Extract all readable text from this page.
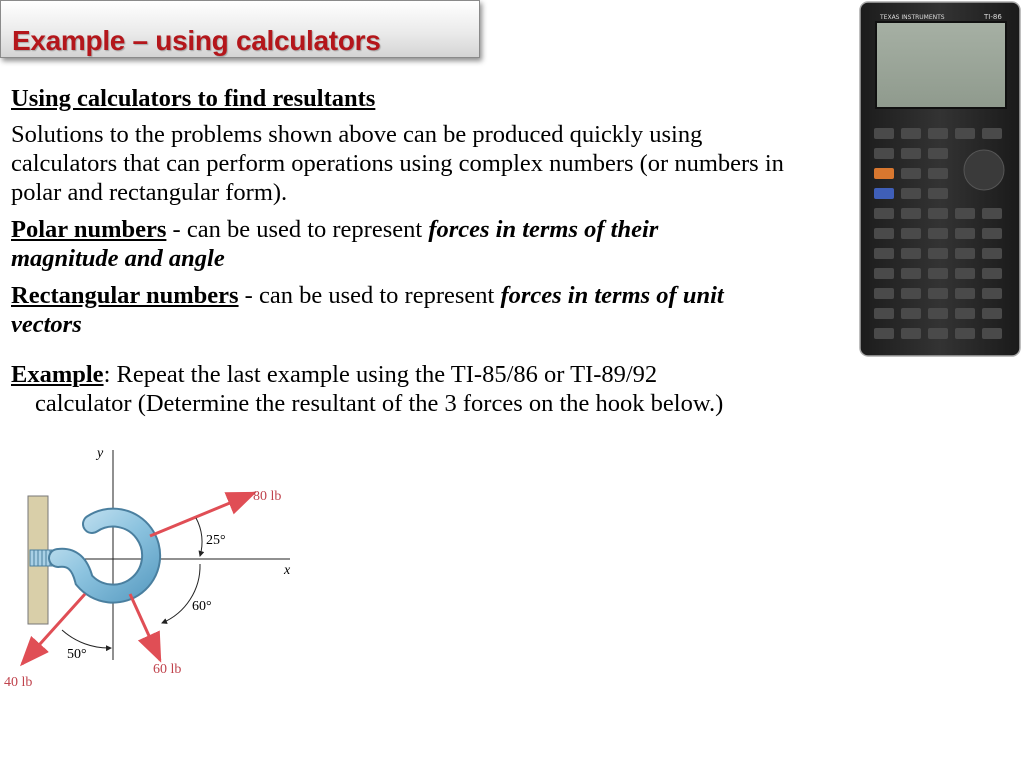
Example – using calculators

Using calculators to find resultants

Solutions to the problems shown above can be produced quickly using calculators that can perform operations using complex numbers (or numbers in polar and rectangular form).

Polar numbers - can be used to represent forces in terms of their magnitude and angle

Rectangular numbers - can be used to represent forces in terms of unit vectors

Example: Repeat the last example using the TI-85/86 or TI-89/92
calculator (Determine the resultant of the 3 forces on the hook below.)

TEXAS INSTRUMENTS	TI-86
y
x
80 lb
60 lb
40 lb
25°
60°
50°
